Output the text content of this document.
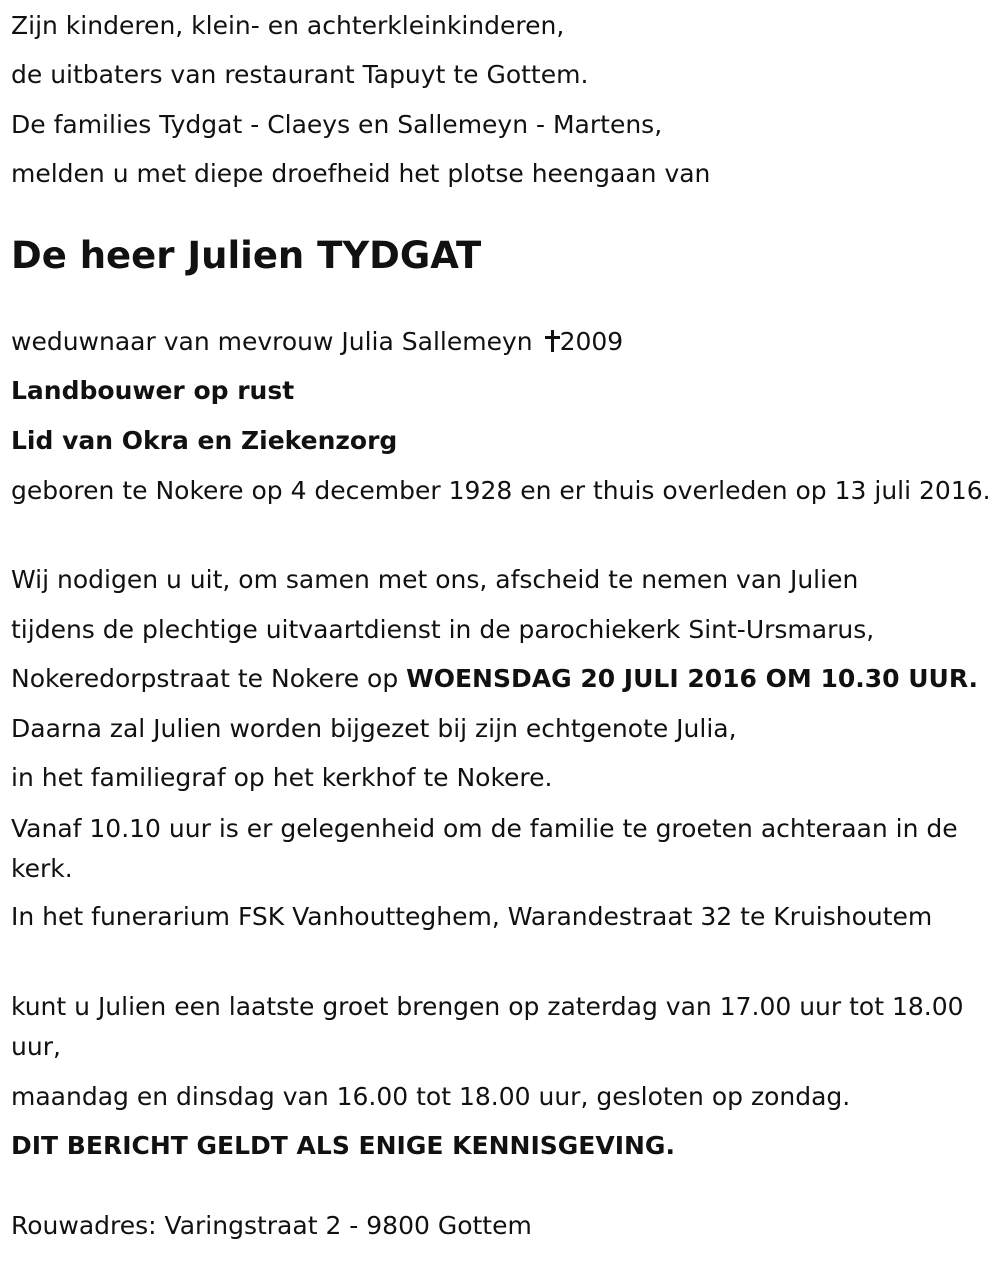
Zijn kinderen, klein- en achterkleinkinderen,

de uitbaters van restaurant Tapuyt te Gottem.

De families Tydgat - Claeys en Sallemeyn - Martens,

melden u met diepe droefheid het plotse heengaan van

De heer Julien TYDGAT

weduwnaar van mevrouw Julia Sallemeyn 2009

Landbouwer op rust

Lid van Okra en Ziekenzorg

geboren te Nokere op 4 december 1928 en er thuis overleden op 13 juli 2016.

Wij nodigen u uit, om samen met ons, afscheid te nemen van Julien

tijdens de plechtige uitvaartdienst in de parochiekerk Sint-Ursmarus,

Nokeredorpstraat te Nokere op WOENSDAG 20 JULI 2016 OM 10.30 UUR.

Daarna zal Julien worden bijgezet bij zijn echtgenote Julia,

in het familiegraf op het kerkhof te Nokere.

Vanaf 10.10 uur is er gelegenheid om de familie te groeten achteraan in de kerk.

In het funerarium FSK Vanhoutteghem, Warandestraat 32 te Kruishoutem

kunt u Julien een laatste groet brengen op zaterdag van 17.00 uur tot 18.00 uur,

maandag en dinsdag van 16.00 tot 18.00 uur, gesloten op zondag.

DIT BERICHT GELDT ALS ENIGE KENNISGEVING.

Rouwadres: Varingstraat 2 - 9800 Gottem
